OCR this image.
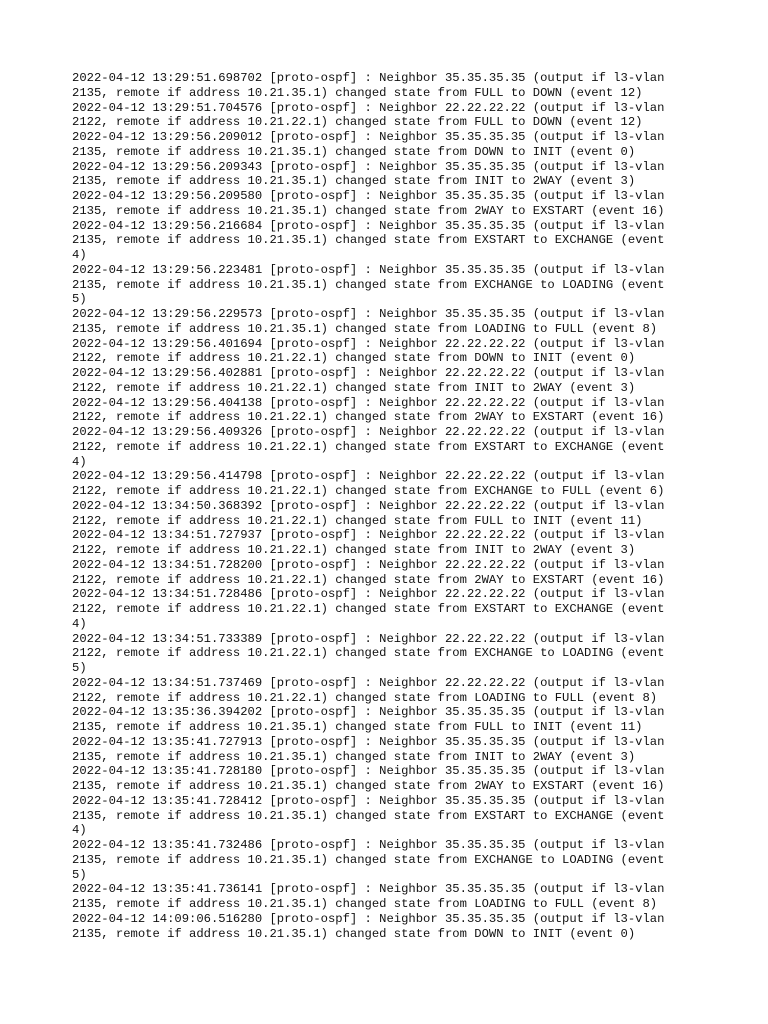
2022-04-12 13:29:51.698702 [proto-ospf] : Neighbor 35.35.35.35 (output if l3-vlan
2135, remote if address 10.21.35.1) changed state from FULL to DOWN (event 12)
2022-04-12 13:29:51.704576 [proto-ospf] : Neighbor 22.22.22.22 (output if l3-vlan
2122, remote if address 10.21.22.1) changed state from FULL to DOWN (event 12)
2022-04-12 13:29:56.209012 [proto-ospf] : Neighbor 35.35.35.35 (output if l3-vlan
2135, remote if address 10.21.35.1) changed state from DOWN to INIT (event 0)
2022-04-12 13:29:56.209343 [proto-ospf] : Neighbor 35.35.35.35 (output if l3-vlan
2135, remote if address 10.21.35.1) changed state from INIT to 2WAY (event 3)
2022-04-12 13:29:56.209580 [proto-ospf] : Neighbor 35.35.35.35 (output if l3-vlan
2135, remote if address 10.21.35.1) changed state from 2WAY to EXSTART (event 16)
2022-04-12 13:29:56.216684 [proto-ospf] : Neighbor 35.35.35.35 (output if l3-vlan
2135, remote if address 10.21.35.1) changed state from EXSTART to EXCHANGE (event
4)
2022-04-12 13:29:56.223481 [proto-ospf] : Neighbor 35.35.35.35 (output if l3-vlan
2135, remote if address 10.21.35.1) changed state from EXCHANGE to LOADING (event
5)
2022-04-12 13:29:56.229573 [proto-ospf] : Neighbor 35.35.35.35 (output if l3-vlan
2135, remote if address 10.21.35.1) changed state from LOADING to FULL (event 8)
2022-04-12 13:29:56.401694 [proto-ospf] : Neighbor 22.22.22.22 (output if l3-vlan
2122, remote if address 10.21.22.1) changed state from DOWN to INIT (event 0)
2022-04-12 13:29:56.402881 [proto-ospf] : Neighbor 22.22.22.22 (output if l3-vlan
2122, remote if address 10.21.22.1) changed state from INIT to 2WAY (event 3)
2022-04-12 13:29:56.404138 [proto-ospf] : Neighbor 22.22.22.22 (output if l3-vlan
2122, remote if address 10.21.22.1) changed state from 2WAY to EXSTART (event 16)
2022-04-12 13:29:56.409326 [proto-ospf] : Neighbor 22.22.22.22 (output if l3-vlan
2122, remote if address 10.21.22.1) changed state from EXSTART to EXCHANGE (event
4)
2022-04-12 13:29:56.414798 [proto-ospf] : Neighbor 22.22.22.22 (output if l3-vlan
2122, remote if address 10.21.22.1) changed state from EXCHANGE to FULL (event 6)
2022-04-12 13:34:50.368392 [proto-ospf] : Neighbor 22.22.22.22 (output if l3-vlan
2122, remote if address 10.21.22.1) changed state from FULL to INIT (event 11)
2022-04-12 13:34:51.727937 [proto-ospf] : Neighbor 22.22.22.22 (output if l3-vlan
2122, remote if address 10.21.22.1) changed state from INIT to 2WAY (event 3)
2022-04-12 13:34:51.728200 [proto-ospf] : Neighbor 22.22.22.22 (output if l3-vlan
2122, remote if address 10.21.22.1) changed state from 2WAY to EXSTART (event 16)
2022-04-12 13:34:51.728486 [proto-ospf] : Neighbor 22.22.22.22 (output if l3-vlan
2122, remote if address 10.21.22.1) changed state from EXSTART to EXCHANGE (event
4)
2022-04-12 13:34:51.733389 [proto-ospf] : Neighbor 22.22.22.22 (output if l3-vlan
2122, remote if address 10.21.22.1) changed state from EXCHANGE to LOADING (event
5)
2022-04-12 13:34:51.737469 [proto-ospf] : Neighbor 22.22.22.22 (output if l3-vlan
2122, remote if address 10.21.22.1) changed state from LOADING to FULL (event 8)
2022-04-12 13:35:36.394202 [proto-ospf] : Neighbor 35.35.35.35 (output if l3-vlan
2135, remote if address 10.21.35.1) changed state from FULL to INIT (event 11)
2022-04-12 13:35:41.727913 [proto-ospf] : Neighbor 35.35.35.35 (output if l3-vlan
2135, remote if address 10.21.35.1) changed state from INIT to 2WAY (event 3)
2022-04-12 13:35:41.728180 [proto-ospf] : Neighbor 35.35.35.35 (output if l3-vlan
2135, remote if address 10.21.35.1) changed state from 2WAY to EXSTART (event 16)
2022-04-12 13:35:41.728412 [proto-ospf] : Neighbor 35.35.35.35 (output if l3-vlan
2135, remote if address 10.21.35.1) changed state from EXSTART to EXCHANGE (event
4)
2022-04-12 13:35:41.732486 [proto-ospf] : Neighbor 35.35.35.35 (output if l3-vlan
2135, remote if address 10.21.35.1) changed state from EXCHANGE to LOADING (event
5)
2022-04-12 13:35:41.736141 [proto-ospf] : Neighbor 35.35.35.35 (output if l3-vlan
2135, remote if address 10.21.35.1) changed state from LOADING to FULL (event 8)
2022-04-12 14:09:06.516280 [proto-ospf] : Neighbor 35.35.35.35 (output if l3-vlan
2135, remote if address 10.21.35.1) changed state from DOWN to INIT (event 0)
